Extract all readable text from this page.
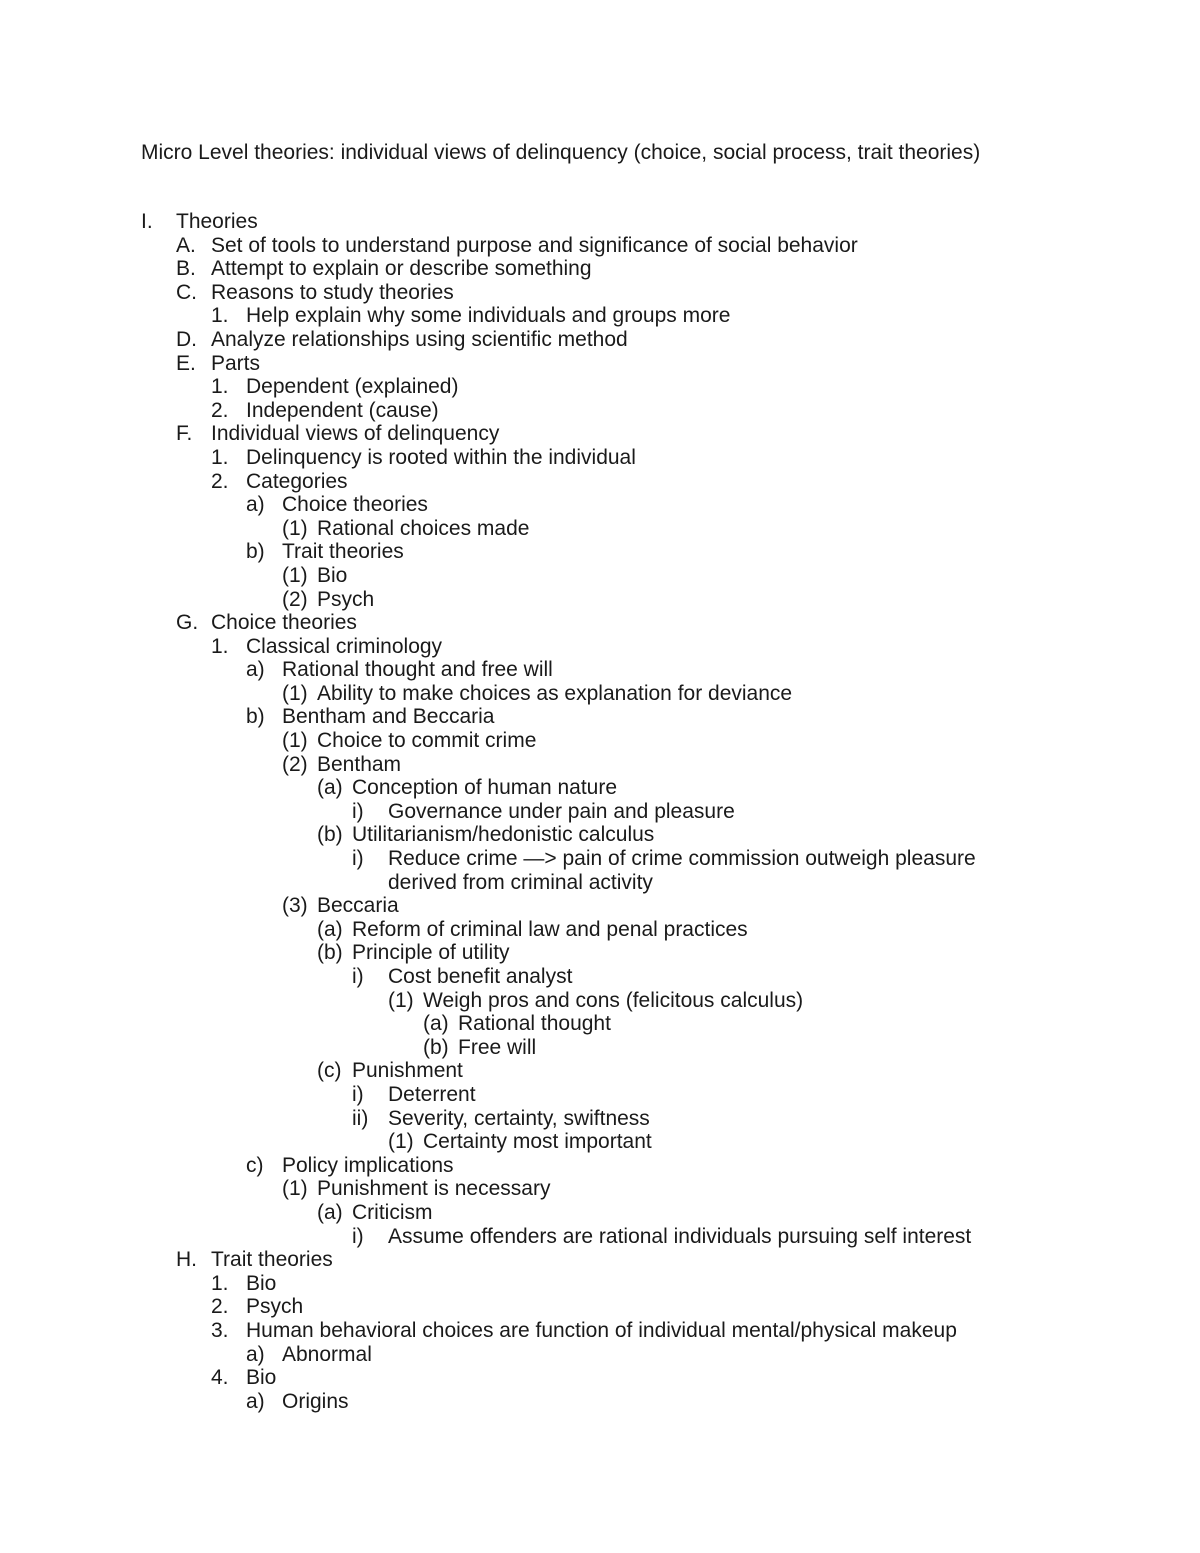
Micro Level theories: individual views of delinquency (choice, social process, trait theories)
I. Theories
A. Set of tools to understand purpose and significance of social behavior
B. Attempt to explain or describe something
C. Reasons to study theories
1. Help explain why some individuals and groups more
D. Analyze relationships using scientific method
E. Parts
1. Dependent (explained)
2. Independent (cause)
F. Individual views of delinquency
1. Delinquency is rooted within the individual
2. Categories
a) Choice theories
(1) Rational choices made
b) Trait theories
(1) Bio
(2) Psych
G. Choice theories
1. Classical criminology
a) Rational thought and free will
(1) Ability to make choices as explanation for deviance
b) Bentham and Beccaria
(1) Choice to commit crime
(2) Bentham
(a) Conception of human nature
i) Governance under pain and pleasure
(b) Utilitarianism/hedonistic calculus
i) Reduce crime —> pain of crime commission outweigh pleasure
derived from criminal activity
(3) Beccaria
(a) Reform of criminal law and penal practices
(b) Principle of utility
i) Cost benefit analyst
(1) Weigh pros and cons (felicitous calculus)
(a) Rational thought
(b) Free will
(c) Punishment
i) Deterrent
ii) Severity, certainty, swiftness
(1) Certainty most important
c) Policy implications
(1) Punishment is necessary
(a) Criticism
i) Assume offenders are rational individuals pursuing self interest
H. Trait theories
1. Bio
2. Psych
3. Human behavioral choices are function of individual mental/physical makeup
a) Abnormal
4. Bio
a) Origins
